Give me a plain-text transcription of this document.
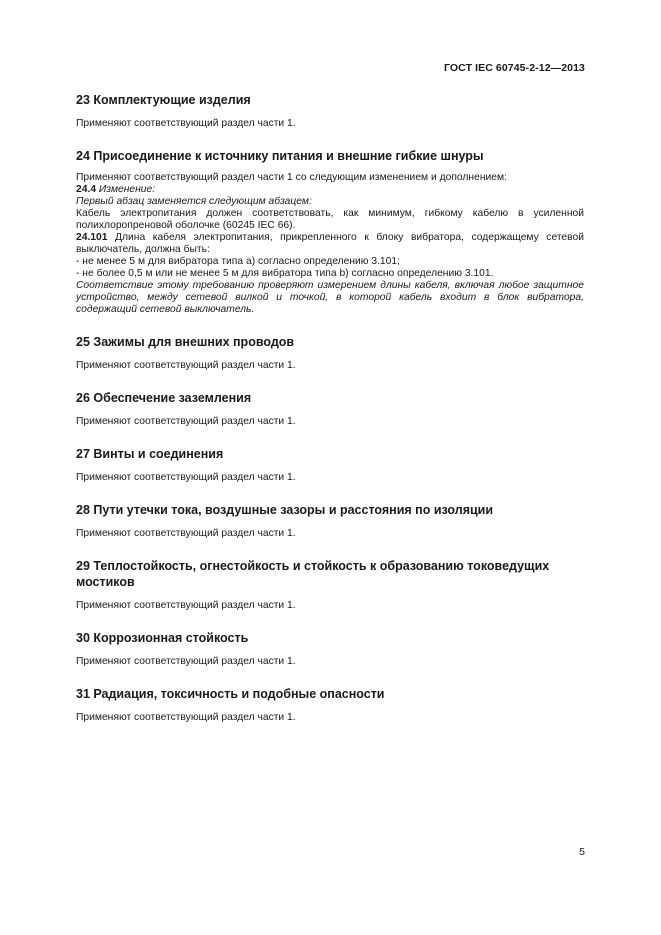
ГОСТ IEC 60745-2-12—2013
23 Комплектующие изделия

Применяют соответствующий раздел части 1.

24 Присоединение к источнику питания и внешние гибкие шнуры

Применяют соответствующий раздел части 1 со следующим изменением и дополнением:

24.4 Изменение:

Первый абзац заменяется следующим абзацем:

Кабель электропитания должен соответствовать, как минимум, гибкому кабелю в усиленной полихлоропреновой оболочке (60245 IEC 66).

24.101 Длина кабеля электропитания, прикрепленного к блоку вибратора, содержащему сетевой выключатель, должна быть:

- не менее 5 м для вибратора типа а) согласно определению 3.101;
- не более 0,5 м или не менее 5 м для вибратора типа b) согласно определению 3.101.

Соответствие этому требованию проверяют измерением длины кабеля, включая любое защитное устройство, между сетевой вилкой и точкой, в которой кабель входит в блок вибратора, содержащий сетевой выключатель.

25 Зажимы для внешних проводов

Применяют соответствующий раздел части 1.

26 Обеспечение заземления

Применяют соответствующий раздел части 1.

27 Винты и соединения

Применяют соответствующий раздел части 1.

28 Пути утечки тока, воздушные зазоры и расстояния по изоляции

Применяют соответствующий раздел части 1.

29 Теплостойкость, огнестойкость и стойкость к образованию токоведущих мостиков

Применяют соответствующий раздел части 1.

30 Коррозионная стойкость

Применяют соответствующий раздел части 1.

31 Радиация, токсичность и подобные опасности

Применяют соответствующий раздел части 1.

5
